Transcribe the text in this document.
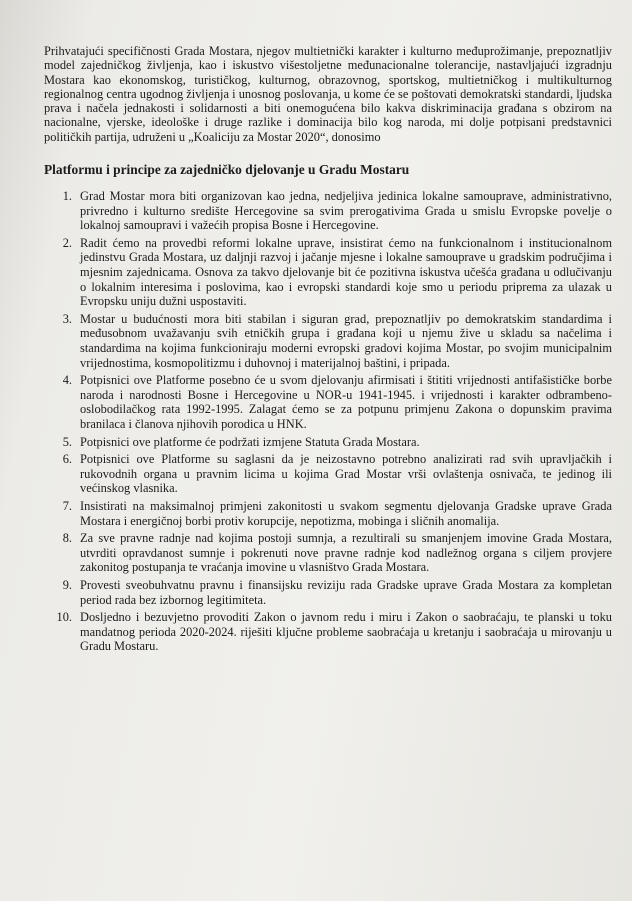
Prihvatajući specifičnosti Grada Mostara, njegov multietnički karakter i kulturno međuprožimanje, prepoznatljiv model zajedničkog življenja, kao i iskustvo višestoljetne međunacionalne tolerancije, nastavljajući izgradnju Mostara kao ekonomskog, turističkog, kulturnog, obrazovnog, sportskog, multietničkog i multikulturnog regionalnog centra ugodnog življenja i unosnog poslovanja, u kome će se poštovati demokratski standardi, ljudska prava i načela jednakosti i solidarnosti a biti onemogućena bilo kakva diskriminacija građana s obzirom na nacionalne, vjerske, ideološke i druge razlike i dominacija bilo kog naroda, mi dolje potpisani predstavnici političkih partija, udruženi u „Koaliciju za Mostar 2020“, donosimo

Platformu i principe za zajedničko djelovanje u Gradu Mostaru
1. Grad Mostar mora biti organizovan kao jedna, nedjeljiva jedinica lokalne samouprave, administrativno, privredno i kulturno središte Hercegovine sa svim prerogativima Grada u smislu Evropske povelje o lokalnoj samoupravi i važećih propisa Bosne i Hercegovine.
2. Radit ćemo na provedbi reformi lokalne uprave, insistirat ćemo na funkcionalnom i institucionalnom jedinstvu Grada Mostara, uz daljnji razvoj i jačanje mjesne i lokalne samouprave u gradskim područjima i mjesnim zajednicama. Osnova za takvo djelovanje bit će pozitivna iskustva učešća građana u odlučivanju o lokalnim interesima i poslovima, kao i evropski standardi koje smo u periodu priprema za ulazak u Evropsku uniju dužni uspostaviti.
3. Mostar u budućnosti mora biti stabilan i siguran grad, prepoznatljiv po demokratskim standardima i međusobnom uvažavanju svih etničkih grupa i građana koji u njemu žive u skladu sa načelima i standardima na kojima funkcioniraju moderni evropski gradovi kojima Mostar, po svojim municipalnim vrijednostima, kosmopolitizmu i duhovnoj i materijalnoj baštini, i pripada.
4. Potpisnici ove Platforme posebno će u svom djelovanju afirmisati i štititi vrijednosti antifašističke borbe naroda i narodnosti Bosne i Hercegovine u NOR-u 1941-1945. i vrijednosti i karakter odbrambeno-oslobodilačkog rata 1992-1995. Zalagat ćemo se za potpunu primjenu Zakona o dopunskim pravima branilaca i članova njihovih porodica u HNK.
5. Potpisnici ove platforme će podržati izmjene Statuta Grada Mostara.
6. Potpisnici ove Platforme su saglasni da je neizostavno potrebno analizirati rad svih upravljačkih i rukovodnih organa u pravnim licima u kojima Grad Mostar vrši ovlaštenja osnivača, te jedinog ili većinskog vlasnika.
7. Insistirati na maksimalnoj primjeni zakonitosti u svakom segmentu djelovanja Gradske uprave Grada Mostara i energičnoj borbi protiv korupcije, nepotizma, mobinga i sličnih anomalija.
8. Za sve pravne radnje nad kojima postoji sumnja, a rezultirali su smanjenjem imovine Grada Mostara, utvrditi opravdanost sumnje i pokrenuti nove pravne radnje kod nadležnog organa s ciljem provjere zakonitog postupanja te vraćanja imovine u vlasništvo Grada Mostara.
9. Provesti sveobuhvatnu pravnu i finansijsku reviziju rada Gradske uprave Grada Mostara za kompletan period rada bez izbornog legitimiteta.
10. Dosljedno i bezuvjetno provoditi Zakon o javnom redu i miru i Zakon o saobraćaju, te planski u toku mandatnog perioda 2020-2024. riješiti ključne probleme saobraćaja u kretanju i saobraćaja u mirovanju u Gradu Mostaru.
